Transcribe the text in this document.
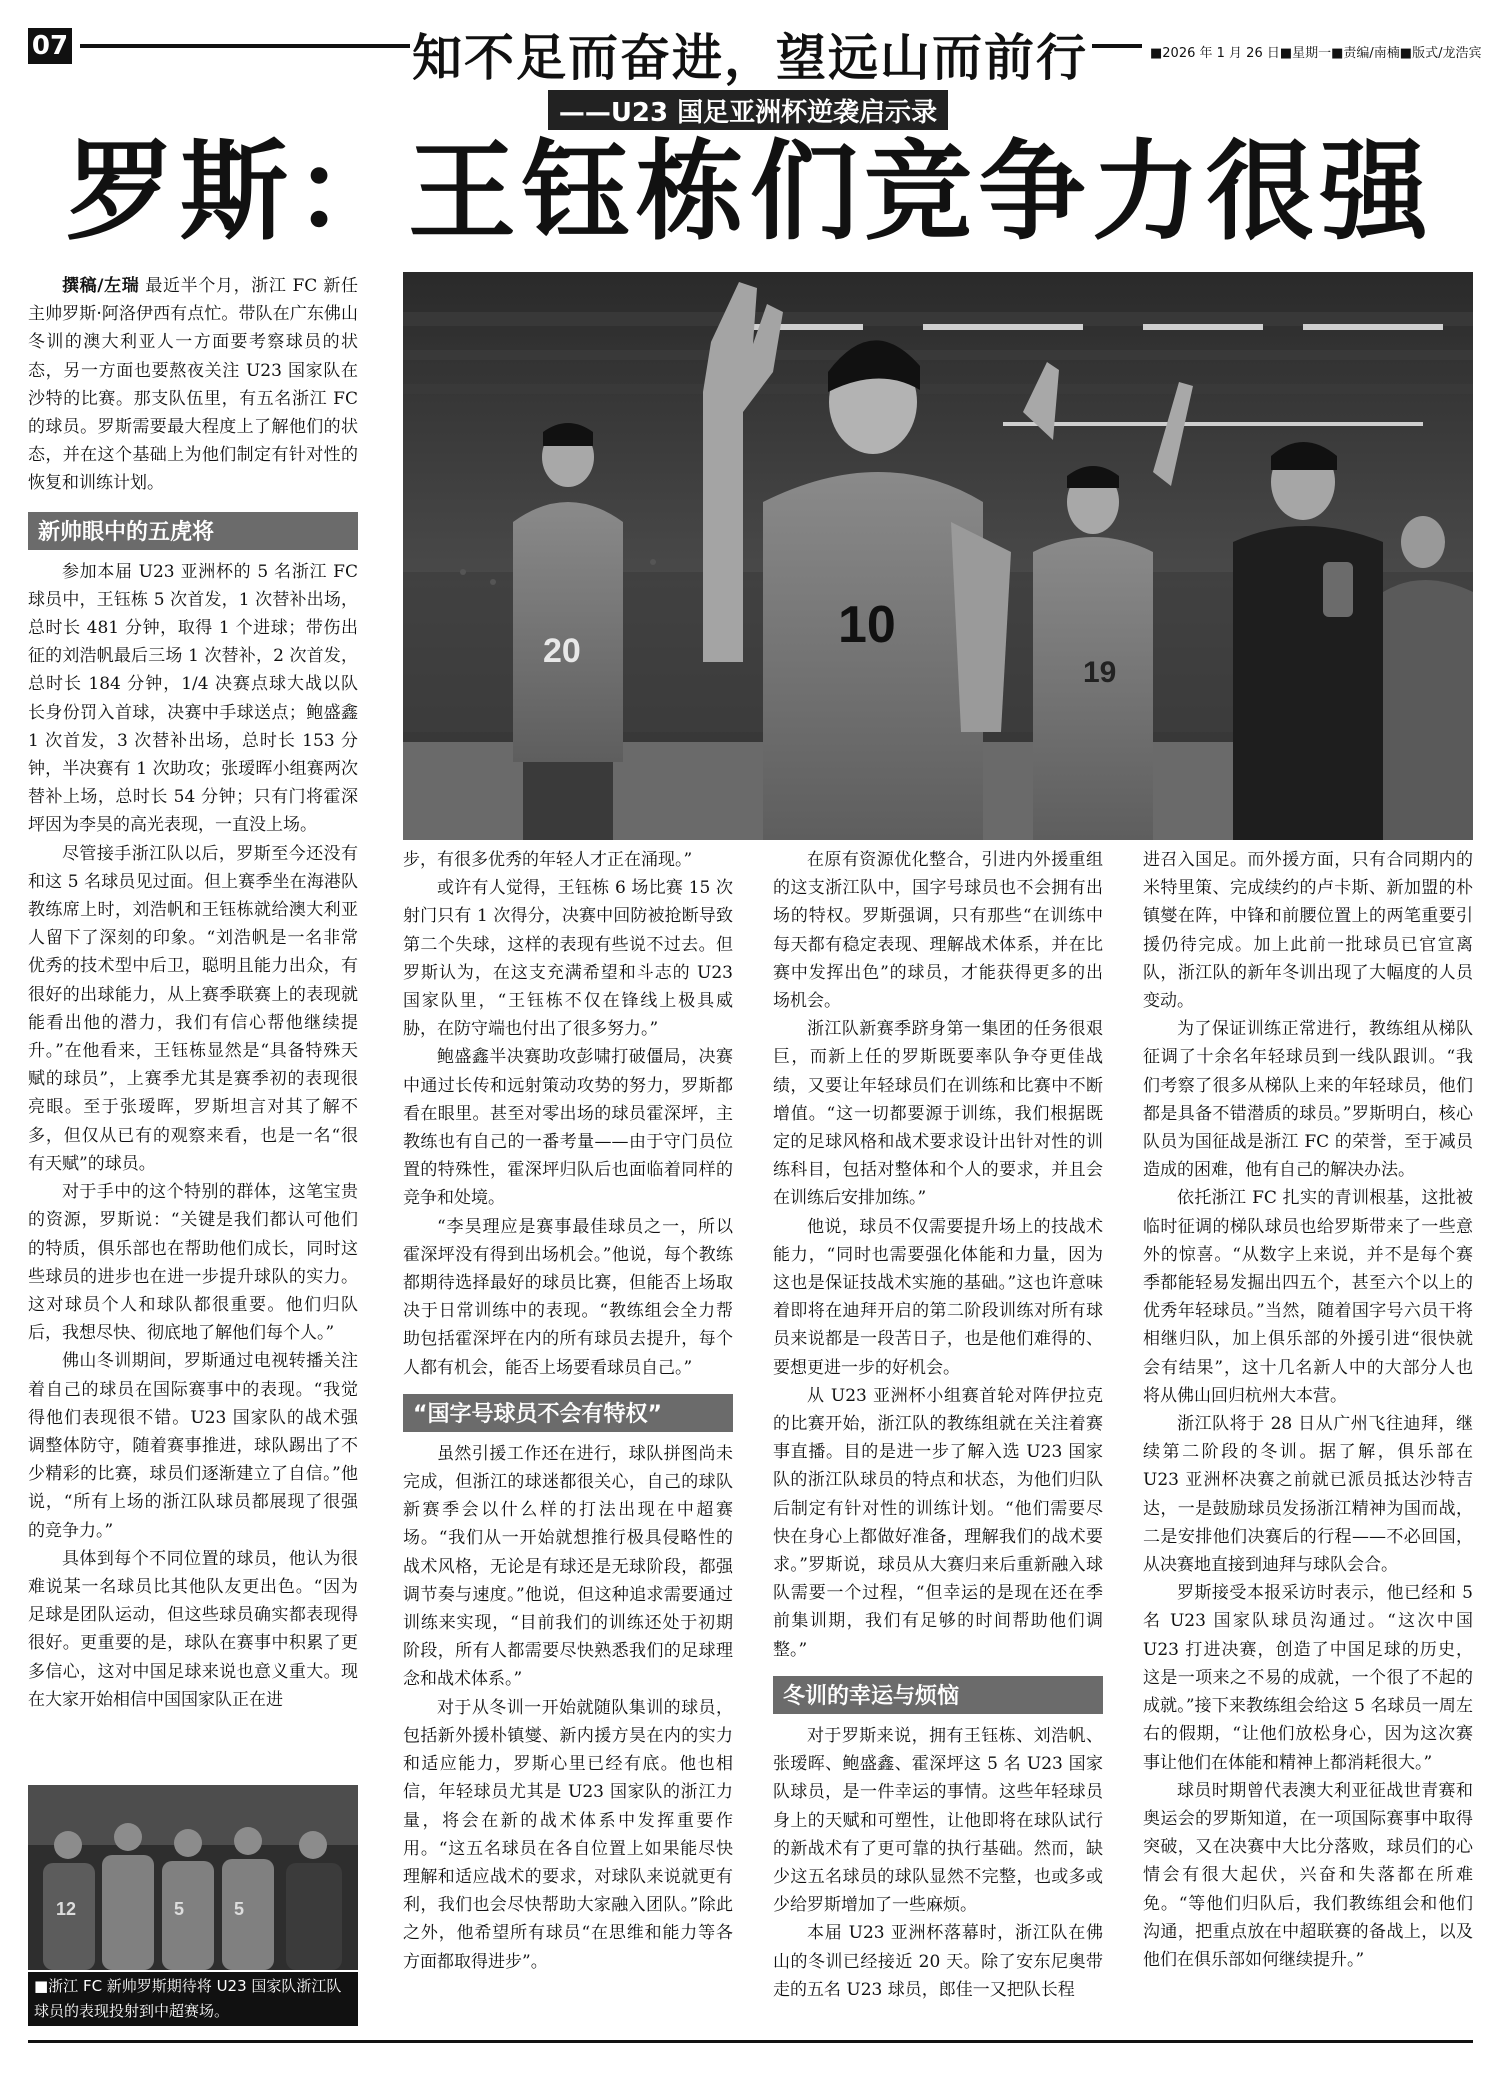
07	知不足而奋进，望远山而前行	■2026 年 1 月 26 日■星期一■责编/南楠■版式/龙浩宾
——U23 国足亚洲杯逆袭启示录
罗斯：王钰栋们竞争力很强
20	10
19

撰稿/左瑞 最近半个月，浙江 FC 新任主帅罗斯·阿洛伊西有点忙。带队在广东佛山冬训的澳大利亚人一方面要考察球员的状态，另一方面也要熬夜关注 U23 国家队在沙特的比赛。那支队伍里，有五名浙江 FC 的球员。罗斯需要最大程度上了解他们的状态，并在这个基础上为他们制定有针对性的恢复和训练计划。

新帅眼中的五虎将

参加本届 U23 亚洲杯的 5 名浙江 FC 球员中，王钰栋 5 次首发，1 次替补出场，总时长 481 分钟，取得 1 个进球；带伤出征的刘浩帆最后三场 1 次替补，2 次首发，总时长 184 分钟，1/4 决赛点球大战以队长身份罚入首球，决赛中手球送点；鲍盛鑫 1 次首发，3 次替补出场，总时长 153 分钟，半决赛有 1 次助攻；张瑷晖小组赛两次替补上场，总时长 54 分钟；只有门将霍深坪因为李昊的高光表现，一直没上场。

尽管接手浙江队以后，罗斯至今还没有和这 5 名球员见过面。但上赛季坐在海港队教练席上时，刘浩帆和王钰栋就给澳大利亚人留下了深刻的印象。“刘浩帆是一名非常优秀的技术型中后卫，聪明且能力出众，有很好的出球能力，从上赛季联赛上的表现就能看出他的潜力，我们有信心帮他继续提升。”在他看来，王钰栋显然是“具备特殊天赋的球员”，上赛季尤其是赛季初的表现很亮眼。至于张瑷晖，罗斯坦言对其了解不多，但仅从已有的观察来看，也是一名“很有天赋”的球员。

对于手中的这个特别的群体，这笔宝贵的资源，罗斯说：“关键是我们都认可他们的特质，俱乐部也在帮助他们成长，同时这些球员的进步也在进一步提升球队的实力。这对球员个人和球队都很重要。他们归队后，我想尽快、彻底地了解他们每个人。”

佛山冬训期间，罗斯通过电视转播关注着自己的球员在国际赛事中的表现。“我觉得他们表现很不错。U23 国家队的战术强调整体防守，随着赛事推进，球队踢出了不少精彩的比赛，球员们逐渐建立了自信。”他说，“所有上场的浙江队球员都展现了很强的竞争力。”

具体到每个不同位置的球员，他认为很难说某一名球员比其他队友更出色。“因为足球是团队运动，但这些球员确实都表现得很好。更重要的是，球队在赛事中积累了更多信心，这对中国足球来说也意义重大。现在大家开始相信中国国家队正在进

12	5	5
■浙江 FC 新帅罗斯期待将 U23 国家队浙江队球员的表现投射到中超赛场。

步，有很多优秀的年轻人才正在涌现。”

或许有人觉得，王钰栋 6 场比赛 15 次射门只有 1 次得分，决赛中回防被抢断导致第二个失球，这样的表现有些说不过去。但罗斯认为，在这支充满希望和斗志的 U23 国家队里，“王钰栋不仅在锋线上极具威胁，在防守端也付出了很多努力。”

鲍盛鑫半决赛助攻彭啸打破僵局，决赛中通过长传和远射策动攻势的努力，罗斯都看在眼里。甚至对零出场的球员霍深坪，主教练也有自己的一番考量——由于守门员位置的特殊性，霍深坪归队后也面临着同样的竞争和处境。

“李昊理应是赛事最佳球员之一，所以霍深坪没有得到出场机会。”他说，每个教练都期待选择最好的球员比赛，但能否上场取决于日常训练中的表现。“教练组会全力帮助包括霍深坪在内的所有球员去提升，每个人都有机会，能否上场要看球员自己。”

“国字号球员不会有特权”

虽然引援工作还在进行，球队拼图尚未完成，但浙江的球迷都很关心，自己的球队新赛季会以什么样的打法出现在中超赛场。“我们从一开始就想推行极具侵略性的战术风格，无论是有球还是无球阶段，都强调节奏与速度。”他说，但这种追求需要通过训练来实现，“目前我们的训练还处于初期阶段，所有人都需要尽快熟悉我们的足球理念和战术体系。”

对于从冬训一开始就随队集训的球员，包括新外援朴镇燮、新内援方昊在内的实力和适应能力，罗斯心里已经有底。他也相信，年轻球员尤其是 U23 国家队的浙江力量，将会在新的战术体系中发挥重要作用。“这五名球员在各自位置上如果能尽快理解和适应战术的要求，对球队来说就更有利，我们也会尽快帮助大家融入团队。”除此之外，他希望所有球员“在思维和能力等各方面都取得进步”。

在原有资源优化整合，引进内外援重组的这支浙江队中，国字号球员也不会拥有出场的特权。罗斯强调，只有那些“在训练中每天都有稳定表现、理解战术体系，并在比赛中发挥出色”的球员，才能获得更多的出场机会。

浙江队新赛季跻身第一集团的任务很艰巨，而新上任的罗斯既要率队争夺更佳战绩，又要让年轻球员们在训练和比赛中不断增值。“这一切都要源于训练，我们根据既定的足球风格和战术要求设计出针对性的训练科目，包括对整体和个人的要求，并且会在训练后安排加练。”

他说，球员不仅需要提升场上的技战术能力，“同时也需要强化体能和力量，因为这也是保证技战术实施的基础。”这也许意味着即将在迪拜开启的第二阶段训练对所有球员来说都是一段苦日子，也是他们难得的、要想更进一步的好机会。

从 U23 亚洲杯小组赛首轮对阵伊拉克的比赛开始，浙江队的教练组就在关注着赛事直播。目的是进一步了解入选 U23 国家队的浙江队球员的特点和状态，为他们归队后制定有针对性的训练计划。“他们需要尽快在身心上都做好准备，理解我们的战术要求。”罗斯说，球员从大赛归来后重新融入球队需要一个过程，“但幸运的是现在还在季前集训期，我们有足够的时间帮助他们调整。”

冬训的幸运与烦恼

对于罗斯来说，拥有王钰栋、刘浩帆、张瑷晖、鲍盛鑫、霍深坪这 5 名 U23 国家队球员，是一件幸运的事情。这些年轻球员身上的天赋和可塑性，让他即将在球队试行的新战术有了更可靠的执行基础。然而，缺少这五名球员的球队显然不完整，也或多或少给罗斯增加了一些麻烦。

本届 U23 亚洲杯落幕时，浙江队在佛山的冬训已经接近 20 天。除了安东尼奥带走的五名 U23 球员，郎佳一又把队长程

进召入国足。而外援方面，只有合同期内的米特里策、完成续约的卢卡斯、新加盟的朴镇燮在阵，中锋和前腰位置上的两笔重要引援仍待完成。加上此前一批球员已官宣离队，浙江队的新年冬训出现了大幅度的人员变动。

为了保证训练正常进行，教练组从梯队征调了十余名年轻球员到一线队跟训。“我们考察了很多从梯队上来的年轻球员，他们都是具备不错潜质的球员。”罗斯明白，核心队员为国征战是浙江 FC 的荣誉，至于减员造成的困难，他有自己的解决办法。

依托浙江 FC 扎实的青训根基，这批被临时征调的梯队球员也给罗斯带来了一些意外的惊喜。“从数字上来说，并不是每个赛季都能轻易发掘出四五个，甚至六个以上的优秀年轻球员。”当然，随着国字号六员干将相继归队，加上俱乐部的外援引进“很快就会有结果”，这十几名新人中的大部分人也将从佛山回归杭州大本营。

浙江队将于 28 日从广州飞往迪拜，继续第二阶段的冬训。据了解，俱乐部在 U23 亚洲杯决赛之前就已派员抵达沙特吉达，一是鼓励球员发扬浙江精神为国而战，二是安排他们决赛后的行程——不必回国，从决赛地直接到迪拜与球队会合。

罗斯接受本报采访时表示，他已经和 5 名 U23 国家队球员沟通过。“这次中国 U23 打进决赛，创造了中国足球的历史，这是一项来之不易的成就，一个很了不起的成就。”接下来教练组会给这 5 名球员一周左右的假期，“让他们放松身心，因为这次赛事让他们在体能和精神上都消耗很大。”

球员时期曾代表澳大利亚征战世青赛和奥运会的罗斯知道，在一项国际赛事中取得突破，又在决赛中大比分落败，球员们的心情会有很大起伏，兴奋和失落都在所难免。“等他们归队后，我们教练组会和他们沟通，把重点放在中超联赛的备战上，以及他们在俱乐部如何继续提升。”
